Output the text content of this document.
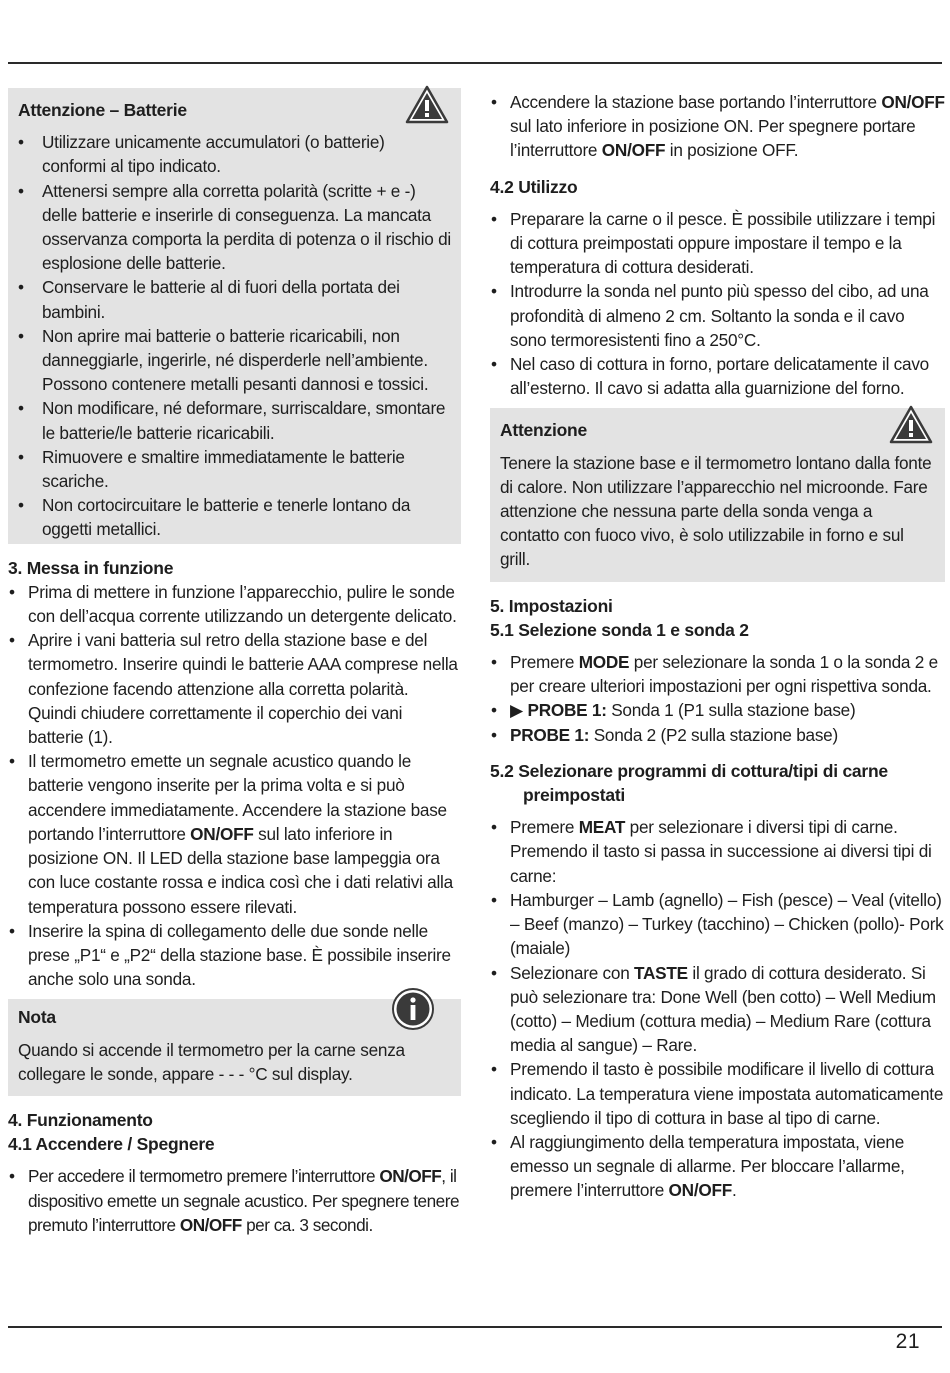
Attenzione – Batterie
• Utilizzare unicamente accumulatori (o batterie) conformi al tipo indicato.
• Attenersi sempre alla corretta polarità (scritte + e -) delle batterie e inserirle di conseguenza. La mancata osservanza comporta la perdita di potenza o il rischio di esplosione delle batterie.
• Conservare le batterie al di fuori della portata dei bambini.
• Non aprire mai batterie o batterie ricaricabili, non danneggiarle, ingerirle, né disperderle nell’ambiente. Possono contenere metalli pesanti dannosi e tossici.
• Non modificare, né deformare, surriscaldare, smontare le batterie/le batterie ricaricabili.
• Rimuovere e smaltire immediatamente le batterie scariche.
• Non cortocircuitare le batterie e tenerle lontano da oggetti metallici.
3. Messa in funzione
• Prima di mettere in funzione l’apparecchio, pulire le sonde con dell’acqua corrente utilizzando un detergente delicato.
• Aprire i vani batteria sul retro della stazione base e del termometro. Inserire quindi le batterie AAA comprese nella confezione facendo attenzione alla corretta polarità. Quindi chiudere correttamente il coperchio dei vani batterie (1).
• Il termometro emette un segnale acustico quando le batterie vengono inserite per la prima volta e si può accendere immediatamente. Accendere la stazione base portando l’interruttore ON/OFF sul lato inferiore in posizione ON. Il LED della stazione base lampeggia ora con luce costante rossa e indica così che i dati relativi alla temperatura possono essere rilevati.
• Inserire la spina di collegamento delle due sonde nelle prese „P1“ e „P2“ della stazione base. È possibile inserire anche solo una sonda.
Nota

Quando si accende il termometro per la carne senza collegare le sonde, appare - - - °C sul display.

4. Funzionamento
4.1 Accendere / Spegnere
• Per accedere il termometro premere l’interruttore ON/OFF, il dispositivo emette un segnale acustico. Per spegnere tenere premuto l’interruttore ON/OFF per ca. 3 secondi.
• Accendere la stazione base portando l’interruttore ON/OFF sul lato inferiore in posizione ON. Per spegnere portare l’interruttore ON/OFF in posizione OFF.
4.2 Utilizzo
• Preparare la carne o il pesce. È possibile utilizzare i tempi di cottura preimpostati oppure impostare il tempo e la temperatura di cottura desiderati.
• Introdurre la sonda nel punto più spesso del cibo, ad una profondità di almeno 2 cm. Soltanto la sonda e il cavo sono termoresistenti fino a 250°C.
• Nel caso di cottura in forno, portare delicatamente il cavo all’esterno. Il cavo si adatta alla guarnizione del forno.
Attenzione

Tenere la stazione base e il termometro lontano dalla fonte di calore. Non utilizzare l’apparecchio nel microonde. Fare attenzione che nessuna parte della sonda venga a contatto con fuoco vivo, è solo utilizzabile in forno e sul grill.

5. Impostazioni
5.1 Selezione sonda 1 e sonda 2
• Premere MODE per selezionare la sonda 1 o la sonda 2 e per creare ulteriori impostazioni per ogni rispettiva sonda.
• ▶ PROBE 1: Sonda 1 (P1 sulla stazione base)
• PROBE 1: Sonda 2 (P2 sulla stazione base)
5.2 Selezionare programmi di cottura/tipi di carne
preimpostati
• Premere MEAT per selezionare i diversi tipi di carne. Premendo il tasto si passa in successione ai diversi tipi di carne:
• Hamburger – Lamb (agnello) – Fish (pesce) – Veal (vitello) – Beef (manzo) – Turkey (tacchino) – Chicken (pollo)- Pork (maiale)
• Selezionare con TASTE il grado di cottura desiderato. Si può selezionare tra: Done Well (ben cotto) – Well Medium (cotto) – Medium (cottura media) – Medium Rare (cottura media al sangue) – Rare.
• Premendo il tasto è possibile modificare il livello di cottura indicato. La temperatura viene impostata automaticamente scegliendo il tipo di cottura in base al tipo di carne.
• Al raggiungimento della temperatura impostata, viene emesso un segnale di allarme. Per bloccare l’allarme, premere l’interruttore ON/OFF.
21
